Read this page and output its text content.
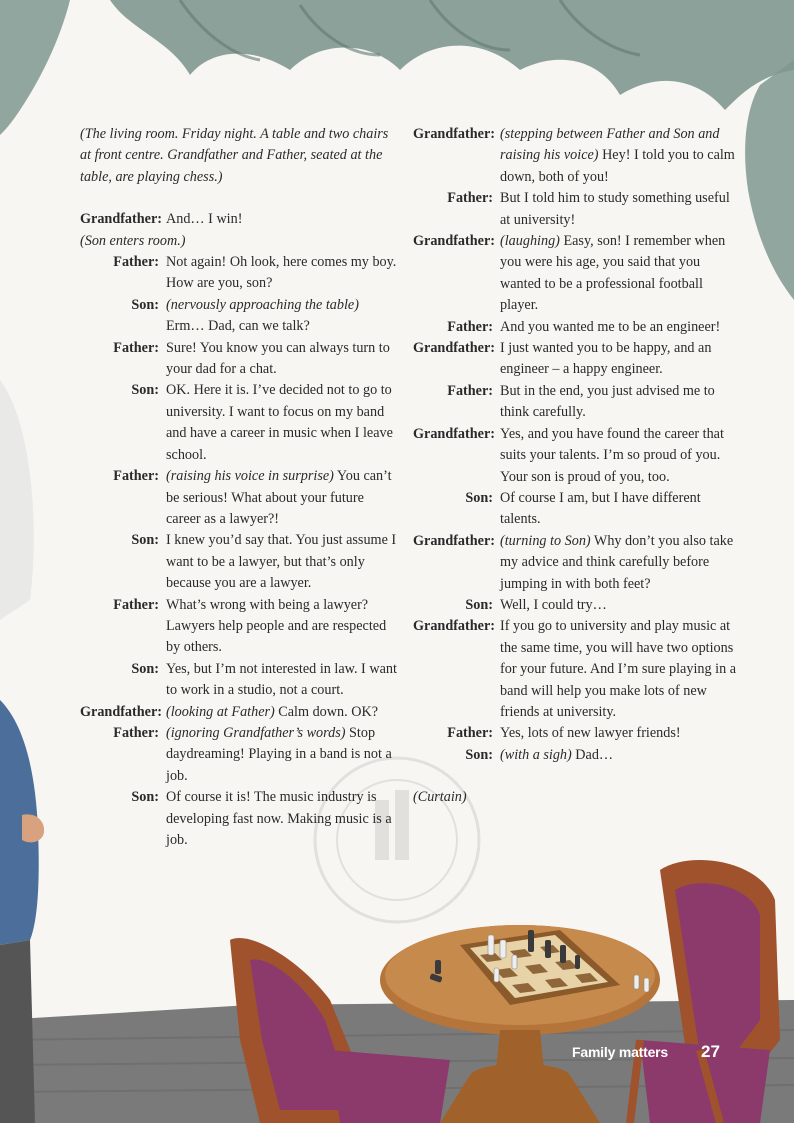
(The living room. Friday night. A table and two chairs at front centre. Grandfather and Father, seated at the table, are playing chess.)
Grandfather: And… I win!
(Son enters room.)
Father: Not again! Oh look, here comes my boy. How are you, son?
Son: (nervously approaching the table) Erm… Dad, can we talk?
Father: Sure! You know you can always turn to your dad for a chat.
Son: OK. Here it is. I’ve decided not to go to university. I want to focus on my band and have a career in music when I leave school.
Father: (raising his voice in surprise) You can’t be serious! What about your future career as a lawyer?!
Son: I knew you’d say that. You just assume I want to be a lawyer, but that’s only because you are a lawyer.
Father: What’s wrong with being a lawyer? Lawyers help people and are respected by others.
Son: Yes, but I’m not interested in law. I want to work in a studio, not a court.
Grandfather: (looking at Father) Calm down. OK?
Father: (ignoring Grandfather’s words) Stop daydreaming! Playing in a band is not a job.
Son: Of course it is! The music industry is developing fast now. Making music is a job.
Grandfather: (stepping between Father and Son and raising his voice) Hey! I told you to calm down, both of you!
Father: But I told him to study something useful at university!
Grandfather: (laughing) Easy, son! I remember when you were his age, you said that you wanted to be a professional football player.
Father: And you wanted me to be an engineer!
Grandfather: I just wanted you to be happy, and an engineer – a happy engineer.
Father: But in the end, you just advised me to think carefully.
Grandfather: Yes, and you have found the career that suits your talents. I’m so proud of you. Your son is proud of you, too.
Son: Of course I am, but I have different talents.
Grandfather: (turning to Son) Why don’t you also take my advice and think carefully before jumping in with both feet?
Son: Well, I could try…
Grandfather: If you go to university and play music at the same time, you will have two options for your future. And I’m sure playing in a band will help you make lots of new friends at university.
Father: Yes, lots of new lawyer friends!
Son: (with a sigh) Dad…
(Curtain)
Family matters 27
